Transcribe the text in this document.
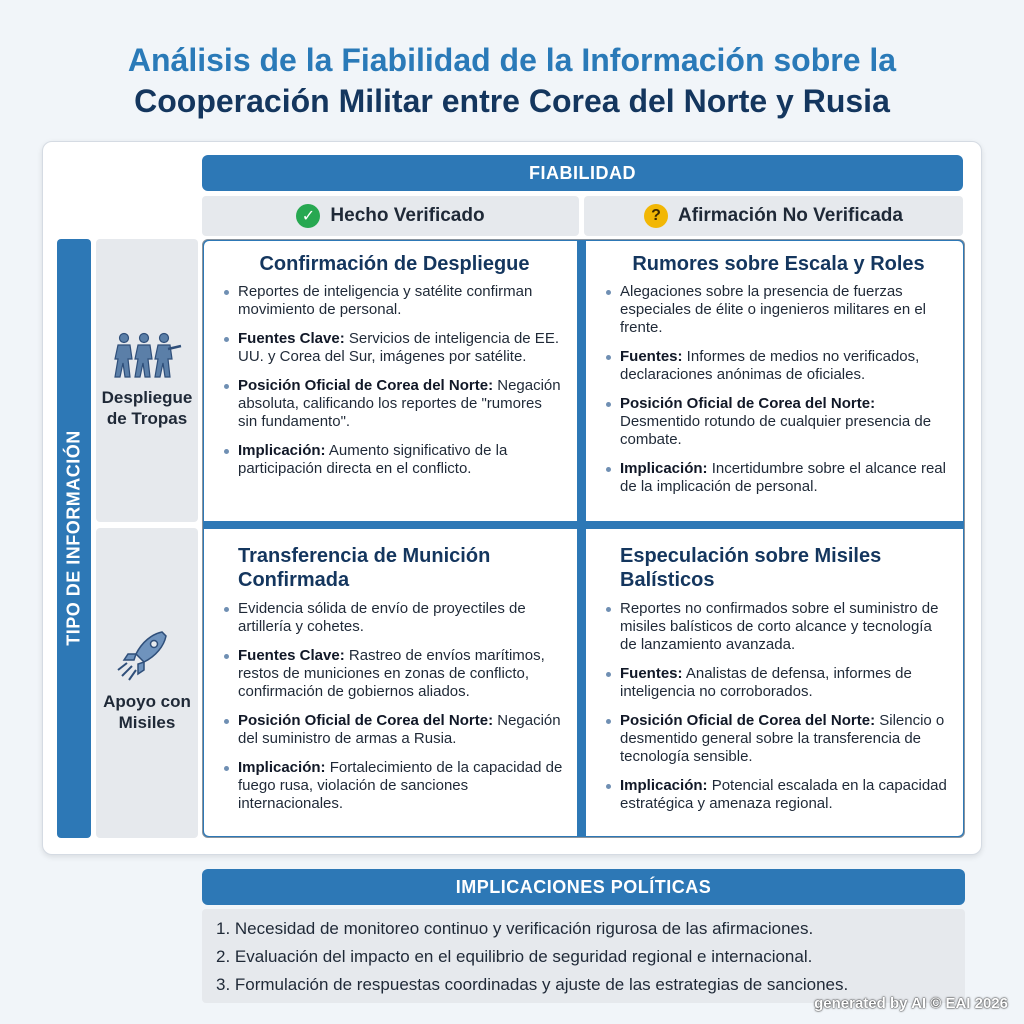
Análisis de la Fiabilidad de la Información sobre la
Cooperación Militar entre Corea del Norte y Rusia
FIABILIDAD
✓ Hecho Verificado	? Afirmación No Verificada
TIPO DE INFORMACIÓN
Despliegue
de Tropas
Apoyo con
Misiles
Confirmación de Despliegue
Reportes de inteligencia y satélite confirman movimiento de personal.
Fuentes Clave: Servicios de inteligencia de EE. UU. y Corea del Sur, imágenes por satélite.
Posición Oficial de Corea del Norte: Negación absoluta, calificando los reportes de "rumores sin fundamento".
Implicación: Aumento significativo de la participación directa en el conflicto.
Rumores sobre Escala y Roles
Alegaciones sobre la presencia de fuerzas especiales de élite o ingenieros militares en el frente.
Fuentes: Informes de medios no verificados, declaraciones anónimas de oficiales.
Posición Oficial de Corea del Norte: Desmentido rotundo de cualquier presencia de combate.
Implicación: Incertidumbre sobre el alcance real de la implicación de personal.
Transferencia de Munición
Confirmada
Evidencia sólida de envío de proyectiles de artillería y cohetes.
Fuentes Clave: Rastreo de envíos marítimos, restos de municiones en zonas de conflicto, confirmación de gobiernos aliados.
Posición Oficial de Corea del Norte: Negación del suministro de armas a Rusia.
Implicación: Fortalecimiento de la capacidad de fuego rusa, violación de sanciones internacionales.
Especulación sobre Misiles
Balísticos
Reportes no confirmados sobre el suministro de misiles balísticos de corto alcance y tecnología de lanzamiento avanzada.
Fuentes: Analistas de defensa, informes de inteligencia no corroborados.
Posición Oficial de Corea del Norte: Silencio o desmentido general sobre la transferencia de tecnología sensible.
Implicación: Potencial escalada en la capacidad estratégica y amenaza regional.
IMPLICACIONES POLÍTICAS
1. Necesidad de monitoreo continuo y verificación rigurosa de las afirmaciones.
2. Evaluación del impacto en el equilibrio de seguridad regional e internacional.
3. Formulación de respuestas coordinadas y ajuste de las estrategias de sanciones.
generated by AI © EAI 2026
